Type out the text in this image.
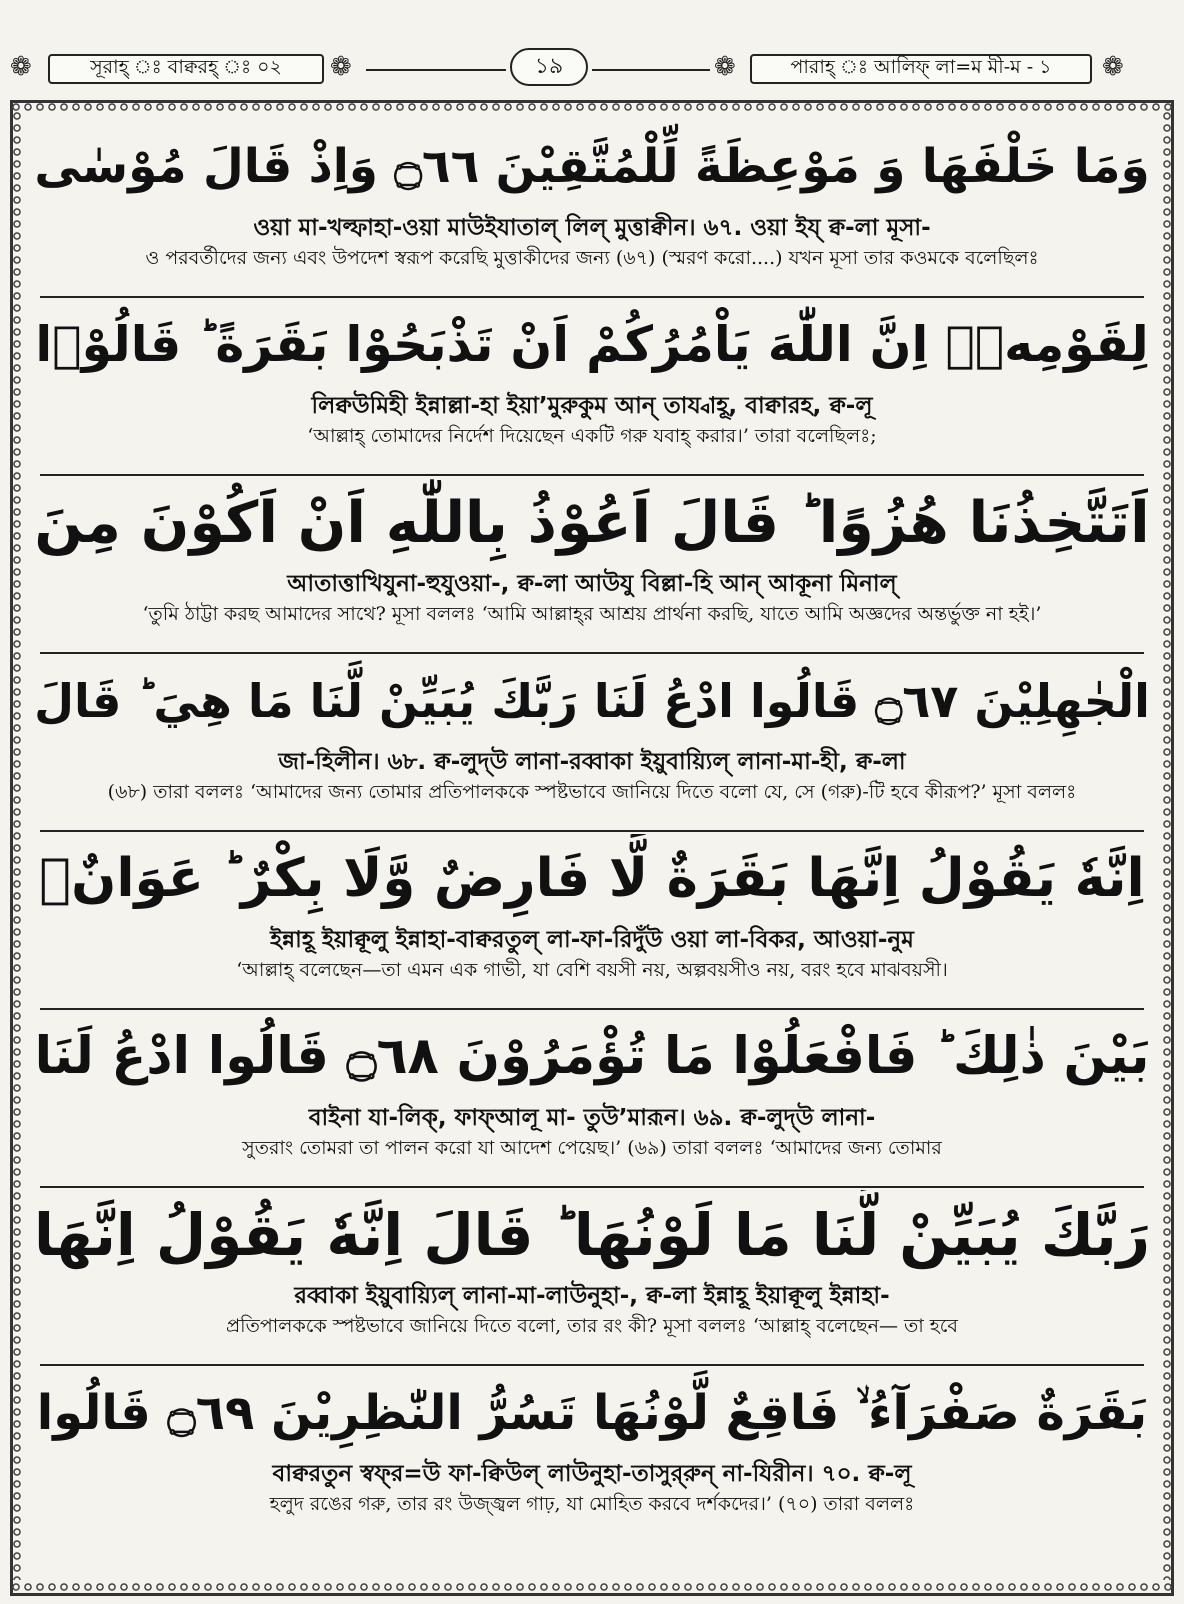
❁	সূরাহ্ ঃ বাক্বরহ্ ঃ ০২	❁	১৯	❁	পারাহ্ ঃ আলিফ্ লা=ম মী-ম - ১	❁
وَمَا خَلْفَهَا وَ مَوْعِظَةً لِّلْمُتَّقِيْنَ ۝٦٦ وَاِذْ قَالَ مُوْسٰى
ওয়া মা-খল্ফাহা-ওয়া মাউইযাতাল্ লিল্ মুত্তাক্বীন। ৬৭. ওয়া ইয্ ক্ব-লা মূসা-
ও পরবর্তীদের জন্য এবং উপদেশ স্বরূপ করেছি মুত্তাকীদের জন্য (৬৭) (স্মরণ করো....) যখন মূসা তার কওমকে বলেছিলঃ
لِقَوْمِهٖۤ اِنَّ اللّٰهَ يَاْمُرُكُمْ اَنْ تَذْبَحُوْا بَقَرَةً ؕ قَالُوْۤا
লিক্বউমিহী ইন্নাল্লা-হা ইয়া’মুরুকুম আন্ তায্বাহূ, বাক্বারহ, ক্ব-লূ
‘আল্লাহ্ তোমাদের নির্দেশ দিয়েছেন একটি গরু যবাহ্ করার।’ তারা বলেছিলঃ;
اَتَتَّخِذُنَا هُزُوًا ؕ قَالَ اَعُوْذُ بِاللّٰهِ اَنْ اَكُوْنَ مِنَ
আতাত্তাখিযুনা-হুযুওয়া-, ক্ব-লা আউযু বিল্লা-হি আন্ আকূনা মিনাল্
‘তুমি ঠাট্টা করছ আমাদের সাথে? মূসা বললঃ ‘আমি আল্লাহ্‌র আশ্রয় প্রার্থনা করছি, যাতে আমি অজ্ঞদের অন্তর্ভুক্ত না হই।’
الْجٰهِلِيْنَ ۝٦٧ قَالُوا ادْعُ لَنَا رَبَّكَ يُبَيِّنْ لَّنَا مَا هِيَ ؕ قَالَ
জা-হিলীন। ৬৮. ক্ব-লুদ্‌উ লানা-রব্বাকা ইয়ুবায়্যিল্ লানা-মা-হী, ক্ব-লা
(৬৮) তারা বললঃ ‘আমাদের জন্য তোমার প্রতিপালককে স্পষ্টভাবে জানিয়ে দিতে বলো যে, সে (গরু)-টি হবে কীরূপ?’ মূসা বললঃ
اِنَّهٗ يَقُوْلُ اِنَّهَا بَقَرَةٌ لَّا فَارِضٌ وَّلَا بِكْرٌ ؕ عَوَانٌۢ
ইন্নাহূ ইয়াক্বূলু ইন্নাহা-বাক্বরতুল্ লা-ফা-রিদুঁউ ওয়া লা-বিকর, আওয়া-নুম
‘আল্লাহ্ বলেছেন—তা এমন এক গাভী, যা বেশি বয়সী নয়, অল্পবয়সীও নয়, বরং হবে মাঝবয়সী।
بَيْنَ ذٰلِكَ ؕ فَافْعَلُوْا مَا تُؤْمَرُوْنَ ۝٦٨ قَالُوا ادْعُ لَنَا
বাইনা যা-লিক্, ফাফ্‌আলূ মা- তুউ’মারূন। ৬৯. ক্ব-লুদ্‌উ লানা-
সুতরাং তোমরা তা পালন করো যা আদেশ পেয়েছ।’ (৬৯) তারা বললঃ ‘আমাদের জন্য তোমার
رَبَّكَ يُبَيِّنْ لَّنَا مَا لَوْنُهَا ؕ قَالَ اِنَّهٗ يَقُوْلُ اِنَّهَا
রব্বাকা ইয়ুবায়্যিল্ লানা-মা-লাউনুহা-, ক্ব-লা ইন্নাহূ ইয়াক্বূলু ইন্নাহা-
প্রতিপালককে স্পষ্টভাবে জানিয়ে দিতে বলো, তার রং কী? মূসা বললঃ ‘আল্লাহ্ বলেছেন— তা হবে
بَقَرَةٌ صَفْرَآءُ ۙ فَاقِعٌ لَّوْنُهَا تَسُرُّ النّٰظِرِيْنَ ۝٦٩ قَالُوا
বাক্বরতুন স্বফ্‌র=উ ফা-ক্বিউল্ লাউনুহা-তাসুর্‌রুন্ না-যিরীন। ৭০. ক্ব-লূ
হলুদ রঙের গরু, তার রং উজ্জ্বল গাঢ়, যা মোহিত করবে দর্শকদের।’ (৭০) তারা বললঃ
